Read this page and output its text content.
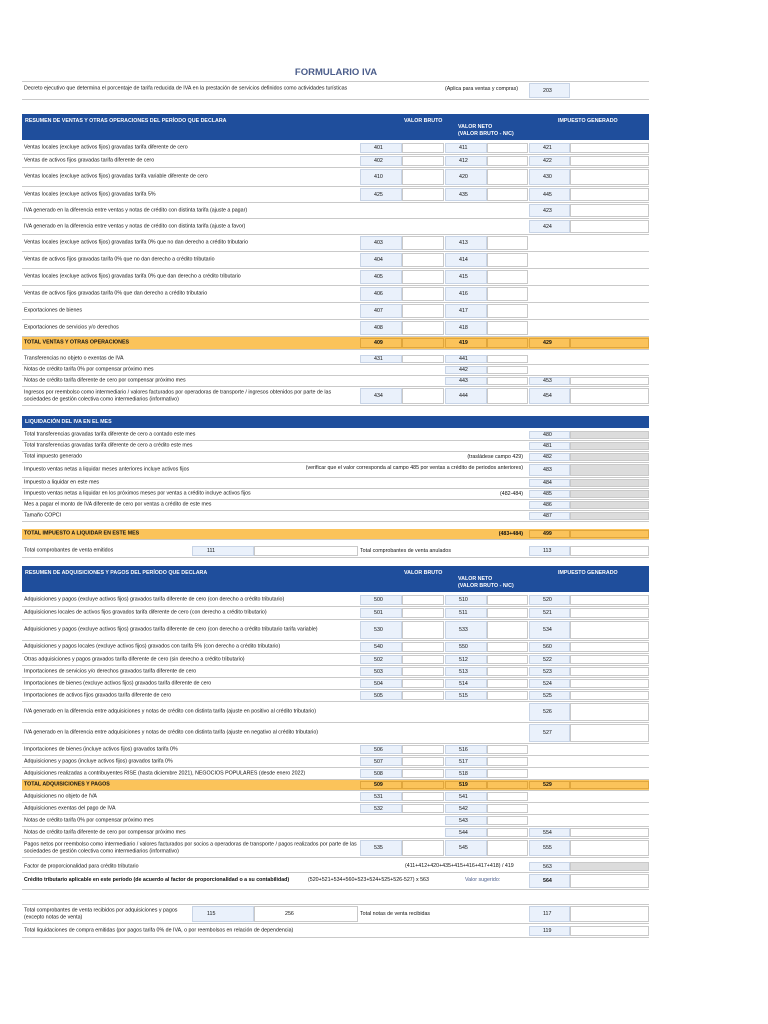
FORMULARIO IVA
Decreto ejecutivo que determina el porcentaje de tarifa reducida de IVA en la prestación de servicios definidos como actividades turísticas	(Aplica para ventas y compras)	203
RESUMEN DE VENTAS Y OTRAS OPERACIONES DEL PERÍODO QUE DECLARA	VALOR BRUTO
VALOR NETO
(VALOR BRUTO - N/C)
IMPUESTO GENERADO
Ventas locales (excluye activos fijos) gravadas tarifa diferente de cero	401	411	421
Ventas de activos fijos gravadas tarifa diferente de cero	402	412	422
Ventas locales (excluye activos fijos) gravadas tarifa variable diferente de cero	410	420	430
Ventas locales (excluye activos fijos) gravadas tarifa 5%	425	435	445
IVA generado en la diferencia entre ventas y notas de crédito con distinta tarifa (ajuste a pagar)	423
IVA generado en la diferencia entre ventas y notas de crédito con distinta tarifa (ajuste a favor)	424
Ventas locales (excluye activos fijos) gravadas tarifa 0% que no dan derecho a crédito tributario	403	413
Ventas de activos fijos gravadas tarifa 0% que no dan derecho a crédito tributario	404	414
Ventas locales (excluye activos fijos) gravadas tarifa 0% que dan derecho a crédito tributario	405	415
Ventas de activos fijos gravadas tarifa 0% que dan derecho a crédito tributario	406	416
Exportaciones de bienes	407	417
Exportaciones de servicios y/o derechos	408	418
TOTAL VENTAS Y OTRAS OPERACIONES	409	419	429
Transferencias no objeto o exentas de IVA	431	441
Notas de crédito tarifa 0% por compensar próximo mes	442
Notas de crédito tarifa diferente de cero por compensar próximo mes	443	453
Ingresos por reembolso como intermediario / valores facturados por operadoras de transporte / ingresos obtenidos por parte de las sociedades de gestión colectiva como intermediarios (informativo)	434	444	454
LIQUIDACIÓN DEL IVA EN EL MES
Total transferencias gravadas tarifa diferente de cero a contado este mes	480
Total transferencias gravadas tarifa diferente de cero a crédito este mes	481
Total impuesto generado	(trasládese campo 429)	482
Impuesto ventas netas a liquidar meses anteriores incluye activos fijos	(verificar que el valor corresponda al campo 485 por ventas a crédito de periodos anteriores)	483
Impuesto a liquidar en este mes	484
Impuesto ventas netas a liquidar en los próximos meses por ventas a crédito incluye activos fijos	(482-484)	485
Mes a pagar el monto de IVA diferente de cero por ventas a crédito de este mes	486
Tamaño COPCI	487
TOTAL IMPUESTO A LIQUIDAR EN ESTE MES	(483+484)	499
Total comprobantes de venta emitidos	111	Total comprobantes de venta anulados	113
RESUMEN DE ADQUISICIONES Y PAGOS DEL PERÍODO QUE DECLARA	VALOR BRUTO
VALOR NETO
(VALOR BRUTO - N/C)
IMPUESTO GENERADO
Adquisiciones y pagos (excluye activos fijos) gravados tarifa diferente de cero (con derecho a crédito tributario)	500	510	520
Adquisiciones locales de activos fijos gravados tarifa diferente de cero (con derecho a crédito tributario)	501	511	521
Adquisiciones y pagos (excluye activos fijos) gravados tarifa diferente de cero (con derecho a crédito tributario tarifa variable)	530	533	534
Adquisiciones y pagos locales (excluye activos fijos) gravados con tarifa 5% (con derecho a crédito tributario)	540	550	560
Otras adquisiciones y pagos gravados tarifa diferente de cero (sin derecho a crédito tributario)	502	512	522
Importaciones de servicios y/o derechos gravados tarifa diferente de cero	503	513	523
Importaciones de bienes (excluye activos fijos) gravados tarifa diferente de cero	504	514	524
Importaciones de activos fijos gravados tarifa diferente de cero	505	515	525
IVA generado en la diferencia entre adquisiciones y notas de crédito con distinta tarifa (ajuste en positivo al crédito tributario)	526
IVA generado en la diferencia entre adquisiciones y notas de crédito con distinta tarifa (ajuste en negativo al crédito tributario)	527
Importaciones de bienes (incluye activos fijos) gravados tarifa 0%	506	516
Adquisiciones y pagos (incluye activos fijos) gravados tarifa 0%	507	517
Adquisiciones realizadas a contribuyentes RISE (hasta diciembre 2021), NEGOCIOS POPULARES (desde enero 2022)	508	518
TOTAL ADQUISICIONES Y PAGOS	509	519	529
Adquisiciones no objeto de IVA	531	541
Adquisiciones exentas del pago de IVA	532	542
Notas de crédito tarifa 0% por compensar próximo mes	543
Notas de crédito tarifa diferente de cero por compensar próximo mes	544	554
Pagos netos por reembolso como intermediario / valores facturados por socios a operadoras de transporte / pagos realizados por parte de las sociedades de gestión colectiva como intermediarios (informativo)	535	545	555
Factor de proporcionalidad para crédito tributario	(411+412+420+435+415+416+417+418) / 419	563
Crédito tributario aplicable en este período (de acuerdo al factor de proporcionalidad o a su contabilidad)	(520+521+534+560+523+524+525+526-527) x 563	Valor sugerido:	564
Total comprobantes de venta recibidos por adquisiciones y pagos (excepto notas de venta)	115	256	Total notas de venta recibidas	117
Total liquidaciones de compra emitidas (por pagos tarifa 0% de IVA, o por reembolsos en relación de dependencia)	119
